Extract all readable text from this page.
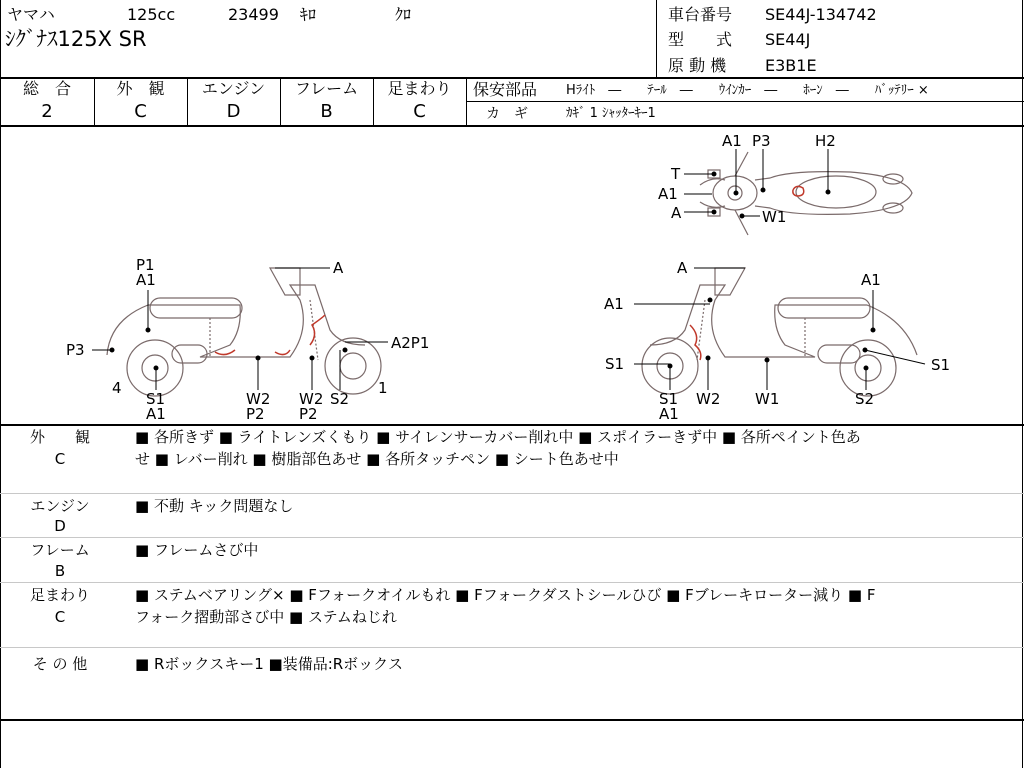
ヤマハ	125cc	23499 ｷﾛ	ｸﾛ
ｼｸﾞﾅｽ125X SR
車台番号 SE44J-134742
型　　式 SE44J
原 動 機 E3B1E
総　合
2
外　観
C
エンジン
D
フレーム
B
足まわり
C
保安部品 Hﾗｲﾄ　―　　ﾃｰﾙ　―　　ｳｲﾝｶｰ　―　　ﾎｰﾝ　―　　ﾊﾞｯﾃﾘｰ ×
カ　ギ	ｶｷﾞ 1 ｼｬｯﾀｰｷｰ1
A1 P3	H2
T
A1
A	W1
P1
A1
A
P3	A2P1
4	1
S1
A1
W2
P2
W2
P2
S2
A
A1
A1
S1	S1
S1
A1
W2 W1	S2
外　　観
C
■ 各所きず ■ ライトレンズくもり ■ サイレンサーカバー削れ中 ■ スポイラーきず中 ■ 各所ペイント色あ
せ ■ レバー削れ ■ 樹脂部色あせ ■ 各所タッチペン ■ シート色あせ中
エンジン
D
■ 不動 キック問題なし
フレーム
B
■ フレームさび中
足まわり
C
■ ステムベアリング× ■ Fフォークオイルもれ ■ Fフォークダストシールひび ■ Fブレーキローター減り ■ F
フォーク摺動部さび中 ■ ステムねじれ
そ の 他	■ Rボックスキー1 ■装備品:Rボックス
